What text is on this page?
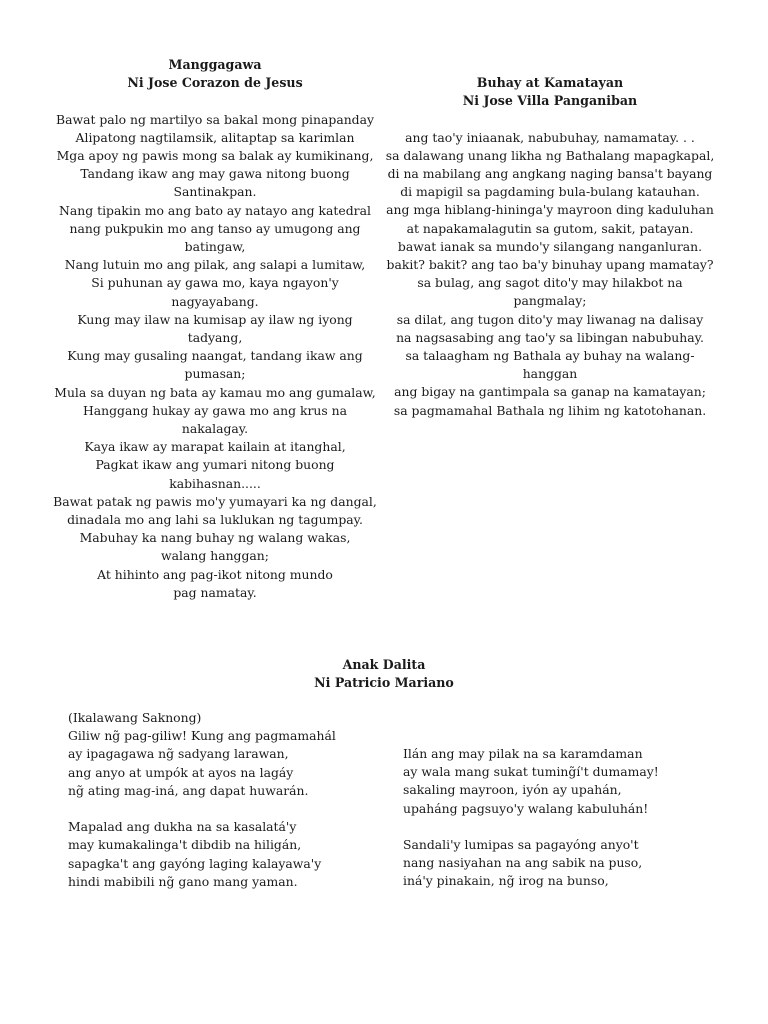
Manggagawa

Ni Jose Corazon de Jesus

Bawat palo ng martilyo sa bakal mong pinapanday
Alipatong nagtilamsik, alitaptap sa karimlan
Mga apoy ng pawis mong sa balak ay kumikinang,
Tandang ikaw ang may gawa nitong buong
Santinakpan.
Nang tipakin mo ang bato ay natayo ang katedral
nang pukpukin mo ang tanso ay umugong ang
batingaw,
Nang lutuin mo ang pilak, ang salapi a lumitaw,
Si puhunan ay gawa mo, kaya ngayon'y
nagyayabang.
Kung may ilaw na kumisap ay ilaw ng iyong
tadyang,
Kung may gusaling naangat, tandang ikaw ang
pumasan;
Mula sa duyan ng bata ay kamau mo ang gumalaw,
Hanggang hukay ay gawa mo ang krus na
nakalagay.
Kaya ikaw ay marapat kailain at itanghal,
Pagkat ikaw ang yumari nitong buong
kabihasnan.....
Bawat patak ng pawis mo'y yumayari ka ng dangal,
dinadala mo ang lahi sa luklukan ng tagumpay.
Mabuhay ka nang buhay ng walang wakas,
walang hanggan;
At hihinto ang pag-ikot nitong mundo
pag namatay.

Buhay at Kamatayan

Ni Jose Villa Panganiban

ang tao'y iniaanak, nabubuhay, namamatay. . .
sa dalawang unang likha ng Bathalang mapagkapal,
di na mabilang ang angkang naging bansa't bayang
di mapigil sa pagdaming bula-bulang katauhan.
ang mga hiblang-hininga'y mayroon ding kaduluhan
at napakamalagutin sa gutom, sakit, patayan.
bawat ianak sa mundo'y silangang nanganluran.
bakit? bakit? ang tao ba'y binuhay upang mamatay?
sa bulag, ang sagot dito'y may hilakbot na
pangmalay;
sa dilat, ang tugon dito'y may liwanag na dalisay
na nagsasabing ang tao'y sa libingan nabubuhay.
sa talaagham ng Bathala ay buhay na walang-
hanggan
ang bigay na gantimpala sa ganap na kamatayan;
sa pagmamahal Bathala ng lihim ng katotohanan.

Anak Dalita

Ni Patricio Mariano

(Ikalawang Saknong)
Giliw ng̃ pag-giliw! Kung ang pagmamahál
ay ipagagawa ng̃ sadyang larawan,
ang anyo at umpók at ayos na lagáy
ng̃ ating mag-iná, ang dapat huwarán.

Mapalad ang dukha na sa kasalatá'y
may kumakalinga't dibdib na hiligán,
sapagka't ang gayóng laging kalayawa'y
hindi mabibili ng̃ gano mang yaman.
Ilán ang may pilak na sa karamdaman
ay wala mang sukat tuming̃í't dumamay!
sakaling mayroon, iyón ay upahán,
upaháng pagsuyo'y walang kabuluhán!

Sandali'y lumipas sa pagayóng anyo't
nang nasiyahan na ang sabik na puso,
iná'y pinakain, ng̃ irog na bunso,
